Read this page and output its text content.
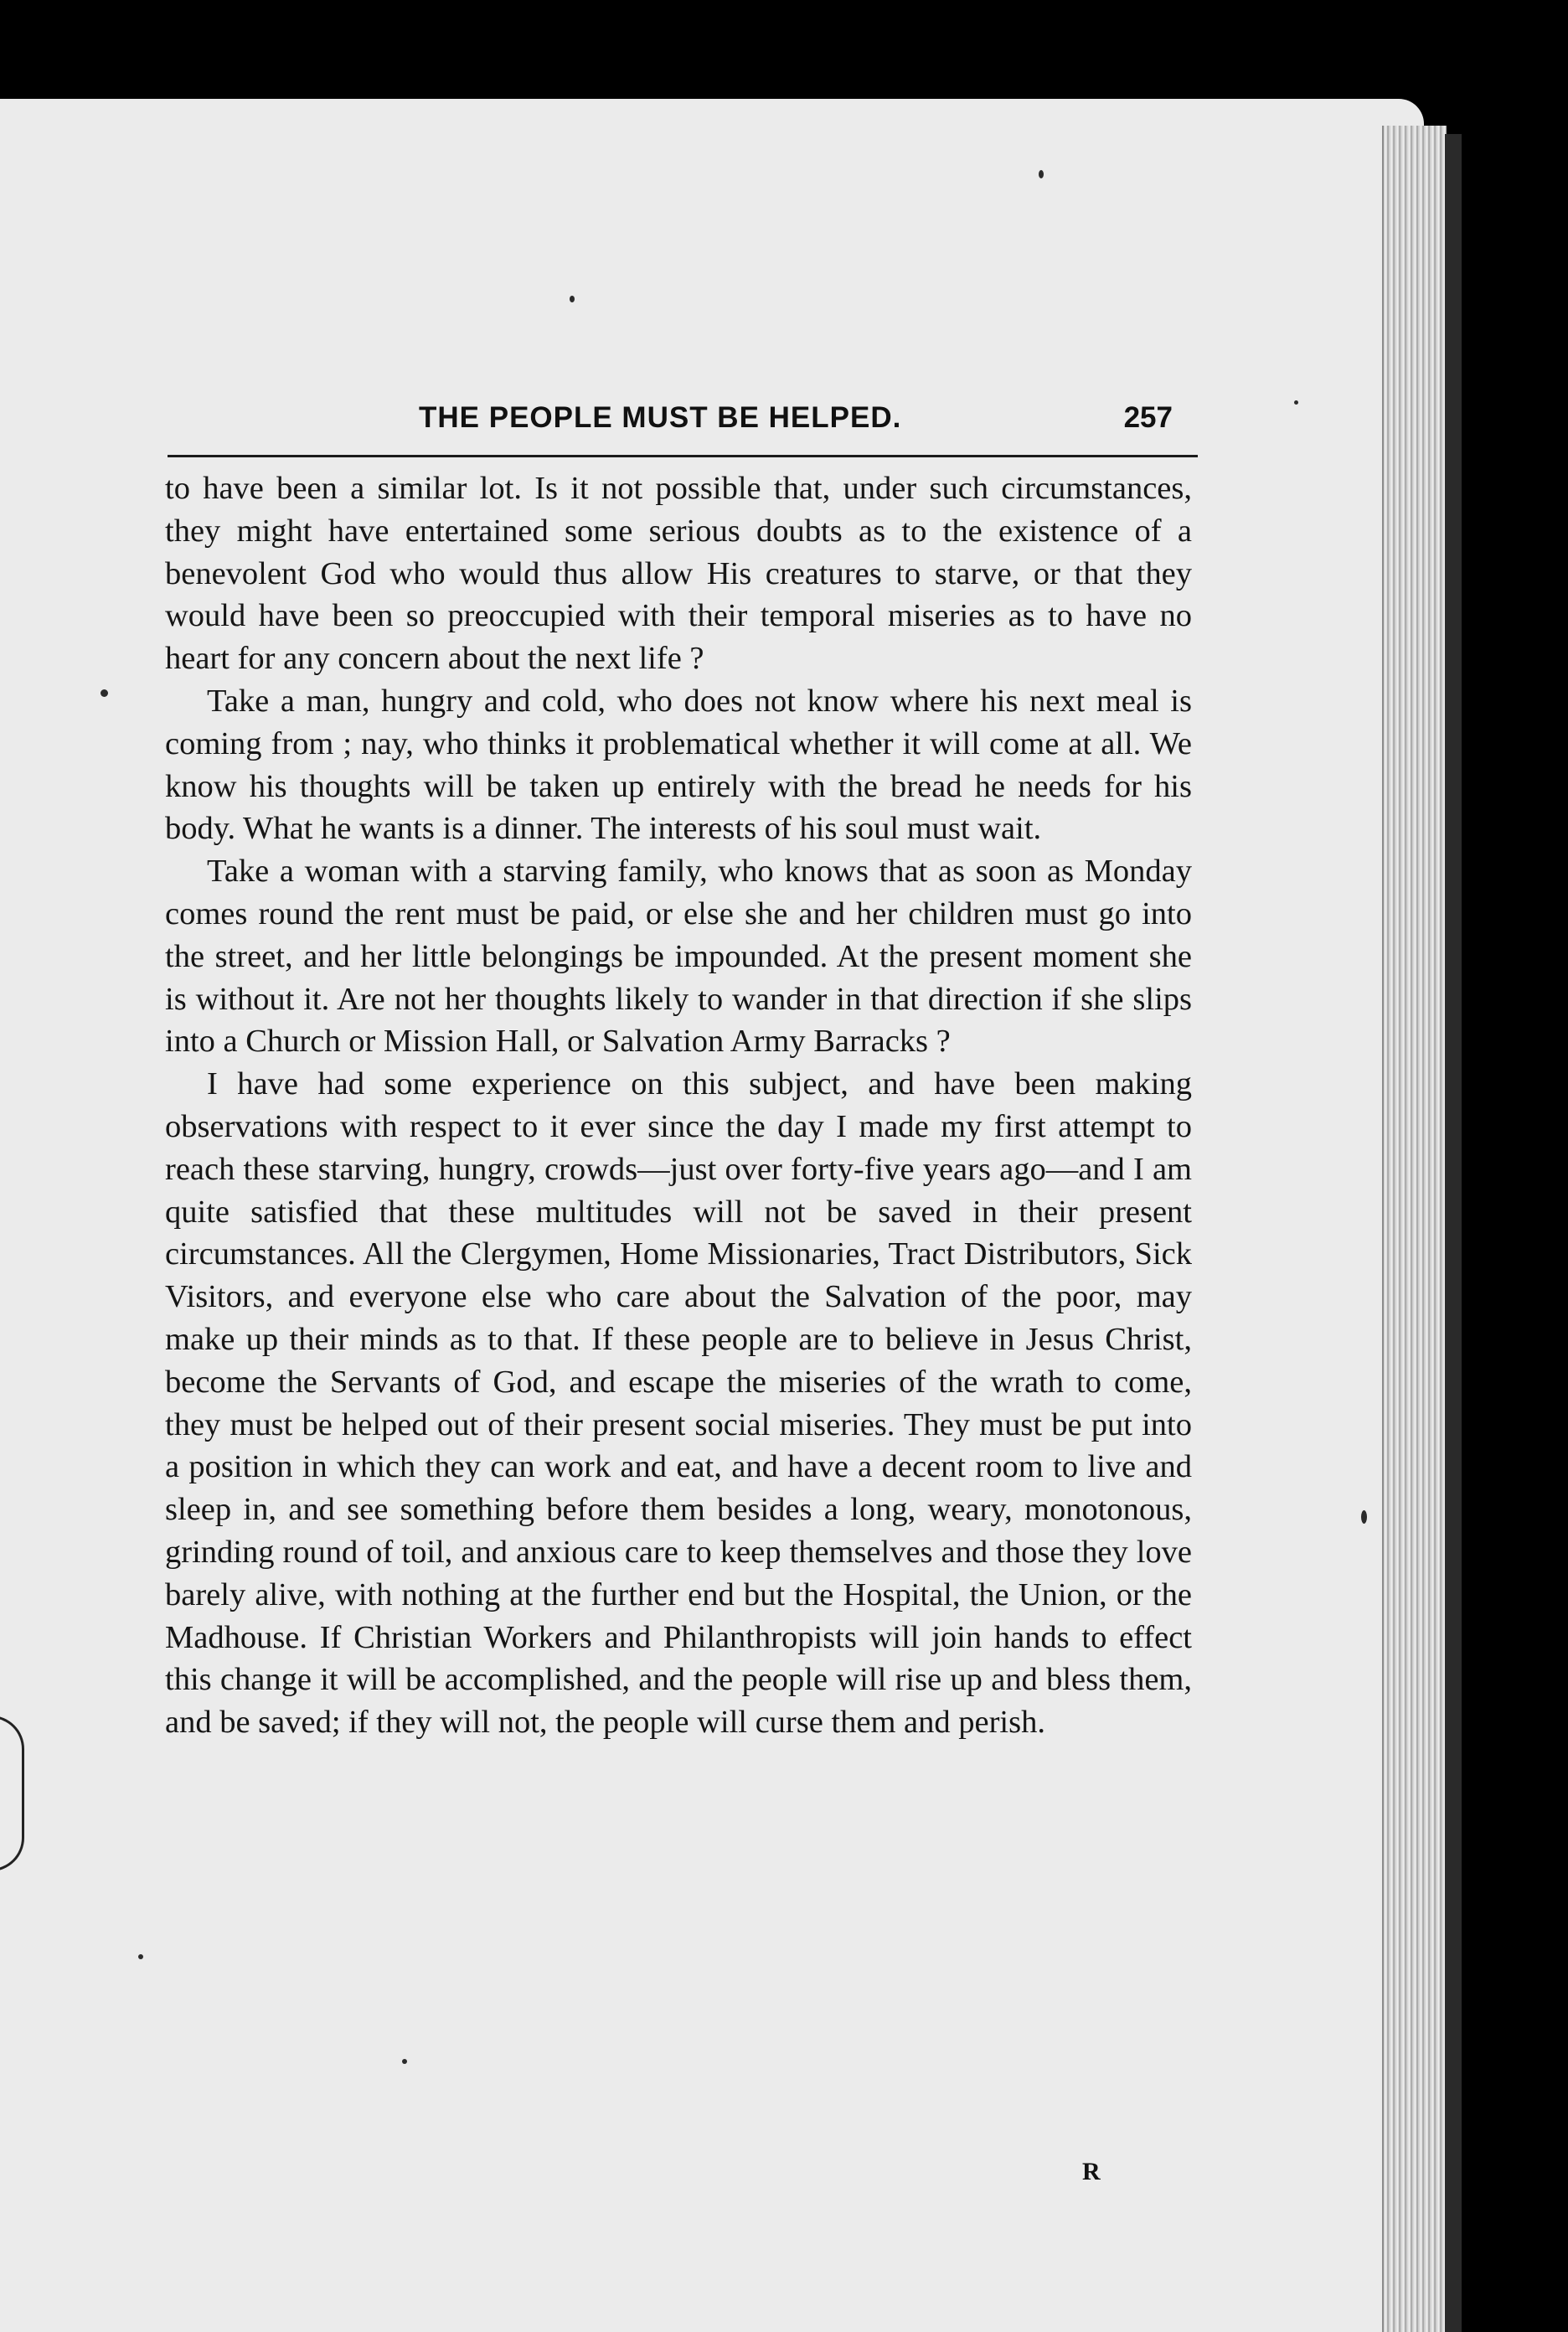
THE PEOPLE MUST BE HELPED.	257

to have been a similar lot. Is it not possible that, under such circumstances, they might have entertained some serious doubts as to the existence of a benevolent God who would thus allow His creatures to starve, or that they would have been so preoccupied with their temporal miseries as to have no heart for any concern about the next life ?

Take a man, hungry and cold, who does not know where his next meal is coming from ; nay, who thinks it problematical whether it will come at all. We know his thoughts will be taken up entirely with the bread he needs for his body. What he wants is a dinner. The interests of his soul must wait.

Take a woman with a starving family, who knows that as soon as Monday comes round the rent must be paid, or else she and her children must go into the street, and her little belongings be impounded. At the present moment she is without it. Are not her thoughts likely to wander in that direction if she slips into a Church or Mission Hall, or Salvation Army Barracks ?

I have had some experience on this subject, and have been making observations with respect to it ever since the day I made my first attempt to reach these starving, hungry, crowds—just over forty-five years ago—and I am quite satisfied that these multitudes will not be saved in their present circumstances. All the Clergymen, Home Missionaries, Tract Distributors, Sick Visitors, and everyone else who care about the Salvation of the poor, may make up their minds as to that. If these people are to believe in Jesus Christ, become the Servants of God, and escape the miseries of the wrath to come, they must be helped out of their present social miseries. They must be put into a position in which they can work and eat, and have a decent room to live and sleep in, and see something before them besides a long, weary, monotonous, grinding round of toil, and anxious care to keep themselves and those they love barely alive, with nothing at the further end but the Hospital, the Union, or the Madhouse. If Christian Workers and Philanthropists will join hands to effect this change it will be accomplished, and the people will rise up and bless them, and be saved; if they will not, the people will curse them and perish.

R
